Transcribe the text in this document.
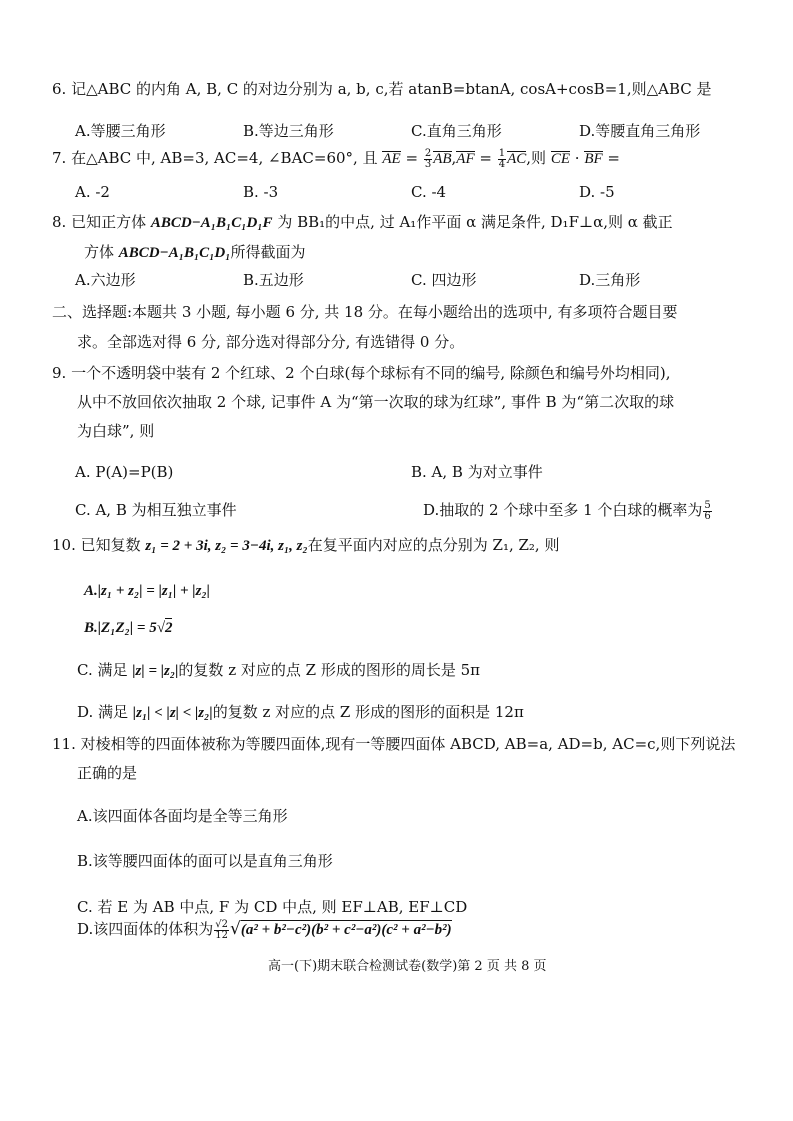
6. 记△ABC 的内角 A, B, C 的对边分别为 a, b, c,若 atanB=btanA, cosA+cosB=1,则△ABC 是
A.等腰三角形	B.等边三角形	C.直角三角形	D.等腰直角三角形
7. 在△ABC 中, AB=3, AC=4, ∠BAC=60°, 且 AE = $\frac{2}{3} AB,AF = \frac{1}{4}$ AC,则 CE · BF =
A. -2	B. -3	C. -4	D. -5
8. 已知正方体 ABCD−A₁B₁C₁D₁F 为 BB₁的中点, 过 A₁作平面 α 满足条件, D₁F⊥α,则 α 截正
方体 ABCD−A₁B₁C₁D₁所得截面为
A.六边形	B.五边形	C. 四边形	D.三角形
二、选择题:本题共 3 小题, 每小题 6 分, 共 18 分。在每小题给出的选项中, 有多项符合题目要
求。全部选对得 6 分, 部分选对得部分分, 有选错得 0 分。
9. 一个不透明袋中装有 2 个红球、2 个白球(每个球标有不同的编号, 除颜色和编号外均相同),
从中不放回依次抽取 2 个球, 记事件 A 为“第一次取的球为红球”, 事件 B 为“第二次取的球
为白球”, 则
A. P(A)=P(B)	B. A, B 为对立事件
C. A, B 为相互独立事件	D.抽取的 2 个球中至多 1 个白球的概率为 $\frac{5}{6}$
10. 已知复数 z₁ = 2 + 3i, z₂ = 3−4i, z₁, z₂在复平面内对应的点分别为 Z₁, Z₂, 则
A.|z₁ + z₂| = |z₁| + |z₂|
B.|Z₁Z₂| = 5√2
C. 满足 |z| = |z₂|的复数 z 对应的点 Z 形成的图形的周长是 5π
D. 满足 |z₁| < |z| < |z₂|的复数 z 对应的点 Z 形成的图形的面积是 12π
11. 对棱相等的四面体被称为等腰四面体,现有一等腰四面体 ABCD, AB=a, AD=b, AC=c,则下列说法
正确的是
A.该四面体各面均是全等三角形
B.该等腰四面体的面可以是直角三角形
C. 若 E 为 AB 中点, F 为 CD 中点, 则 EF⊥AB, EF⊥CD
D.该四面体的体积为 $\frac{√2}{12} √(a^2 + b^2-c^2)(b^2 + c^2-a^2)(c^2 + a^2-b^2)$
高一(下)期末联合检测试卷(数学)第 2 页 共 8 页
